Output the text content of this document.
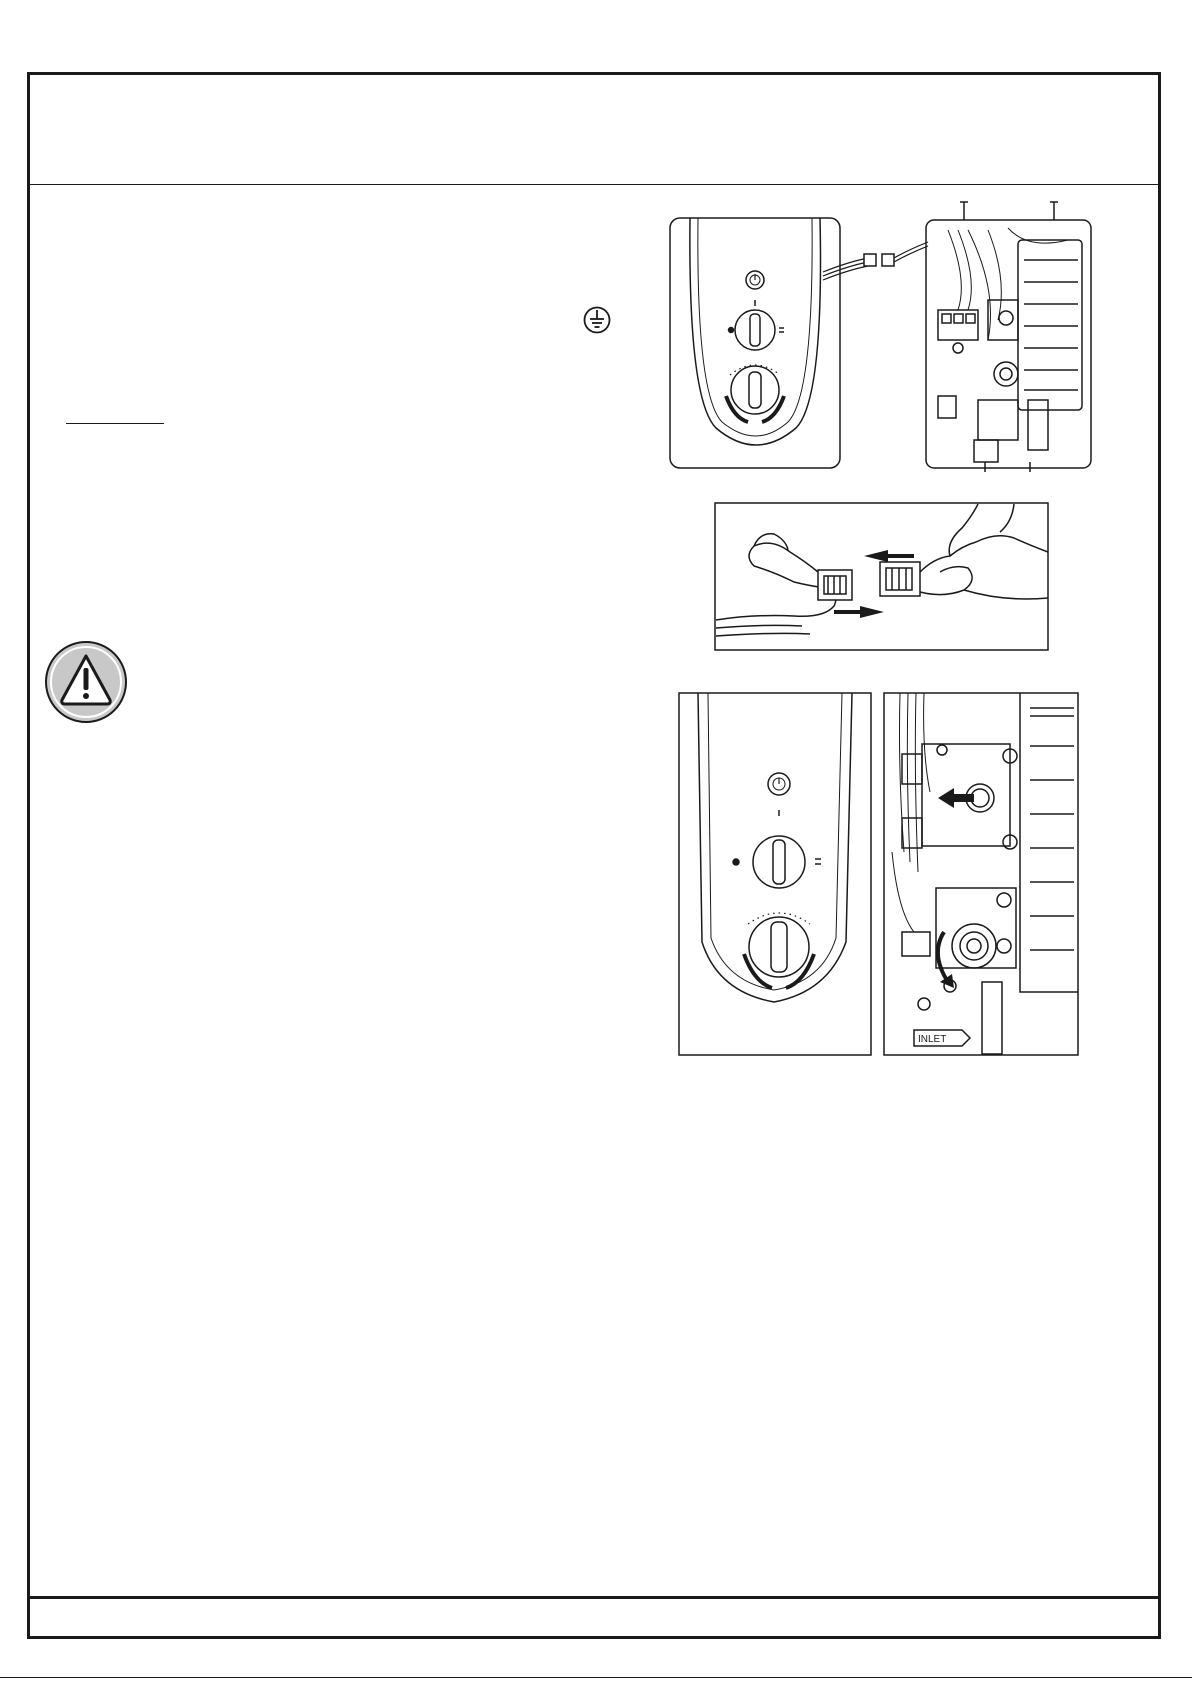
INLET
